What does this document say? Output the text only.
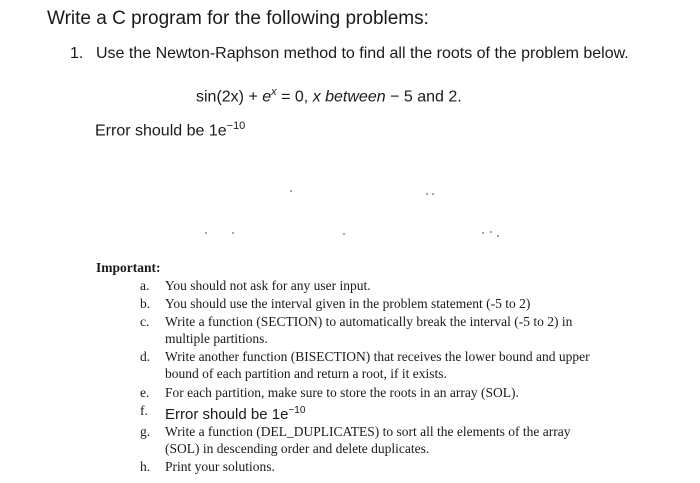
Write a C program for the following problems:
1. Use the Newton-Raphson method to find all the roots of the problem below.
$\sin(2x) + e^x = 0$, x between − 5 and 2.
Error should be $1e^{-10}$
Important:
a.	You should not ask for any user input.
b.	You should use the interval given in the problem statement (-5 to 2)
c.	Write a function (SECTION) to automatically break the interval (-5 to 2) in
multiple partitions.
d.	Write another function (BISECTION) that receives the lower bound and upper
bound of each partition and return a root, if it exists.
e.	For each partition, make sure to store the roots in an array (SOL).
f.	Error should be $1e^{-10}$
g.	Write a function (DEL_DUPLICATES) to sort all the elements of the array
(SOL) in descending order and delete duplicates.
h.	Print your solutions.
